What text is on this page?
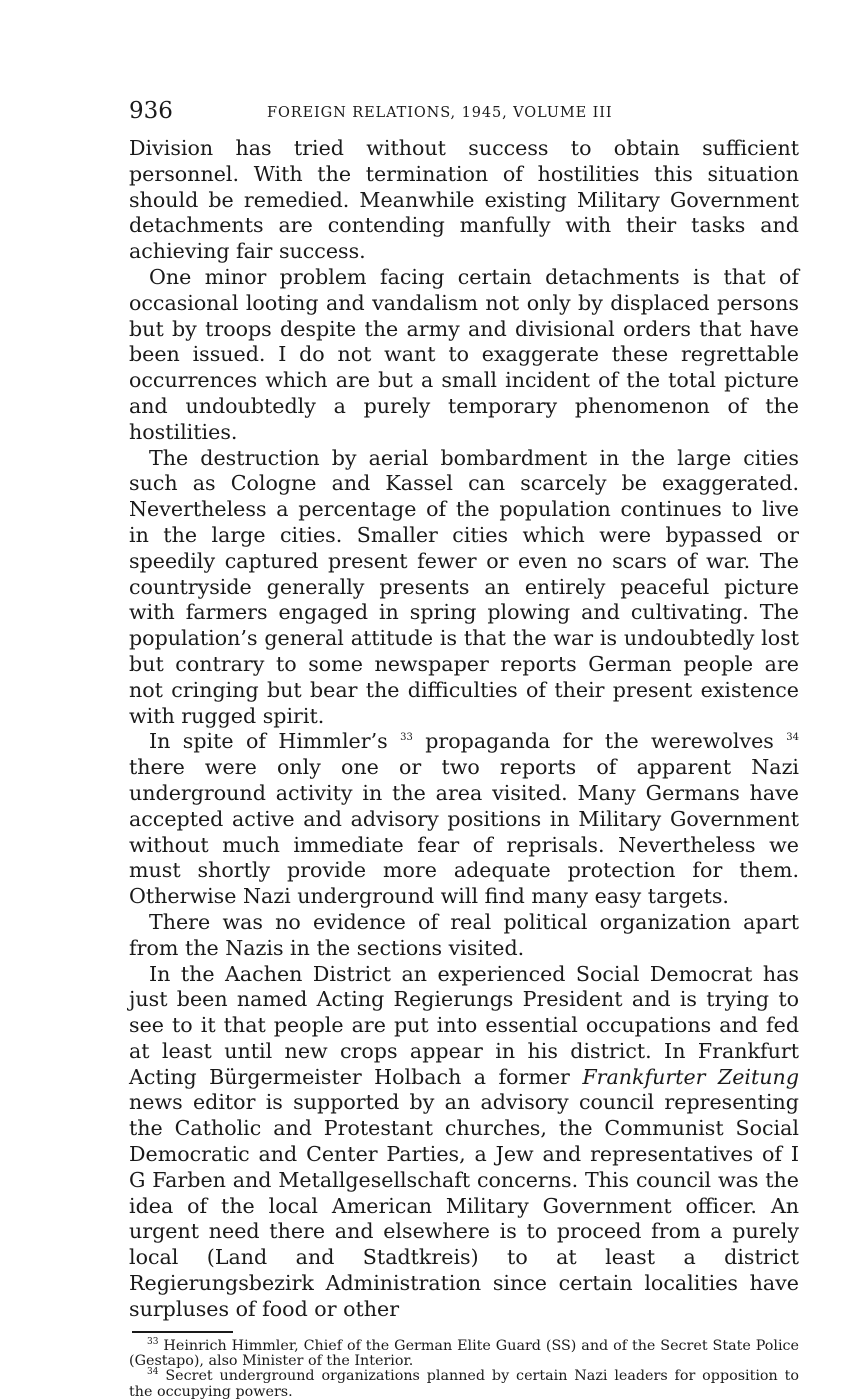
936	FOREIGN RELATIONS, 1945, VOLUME III

Division has tried without success to obtain sufficient personnel. With the termination of hostilities this situation should be remedied. Meanwhile existing Military Government detachments are contending manfully with their tasks and achieving fair success.

One minor problem facing certain detachments is that of occasional looting and vandalism not only by displaced persons but by troops despite the army and divisional orders that have been issued. I do not want to exaggerate these regrettable occurrences which are but a small incident of the total picture and undoubtedly a purely temporary phenomenon of the hostilities.

The destruction by aerial bombardment in the large cities such as Cologne and Kassel can scarcely be exaggerated. Nevertheless a percentage of the population continues to live in the large cities. Smaller cities which were bypassed or speedily captured present fewer or even no scars of war. The countryside generally presents an entirely peaceful picture with farmers engaged in spring plowing and cultivating. The population’s general attitude is that the war is undoubtedly lost but contrary to some newspaper reports German people are not cringing but bear the difficulties of their present existence with rugged spirit.

In spite of Himmler’s $^{33}$ propaganda for the werewolves $^{34}$ there were only one or two reports of apparent Nazi underground activity in the area visited. Many Germans have accepted active and advisory positions in Military Government without much immediate fear of reprisals. Nevertheless we must shortly provide more adequate protection for them. Otherwise Nazi underground will find many easy targets.

There was no evidence of real political organization apart from the Nazis in the sections visited.

In the Aachen District an experienced Social Democrat has just been named Acting Regierungs President and is trying to see to it that people are put into essential occupations and fed at least until new crops appear in his district. In Frankfurt Acting Bürgermeister Holbach a former Frankfurter Zeitung news editor is supported by an advisory council representing the Catholic and Protestant churches, the Communist Social Democratic and Center Parties, a Jew and representatives of I G Farben and Metallgesellschaft concerns. This council was the idea of the local American Military Government officer. An urgent need there and elsewhere is to proceed from a purely local (Land and Stadtkreis) to at least a district Regierungsbezirk Administration since certain localities have surpluses of food or other

$^{33}$ Heinrich Himmler, Chief of the German Elite Guard (SS) and of the Secret State Police (Gestapo), also Minister of the Interior.

$^{34}$ Secret underground organizations planned by certain Nazi leaders for opposition to the occupying powers.
